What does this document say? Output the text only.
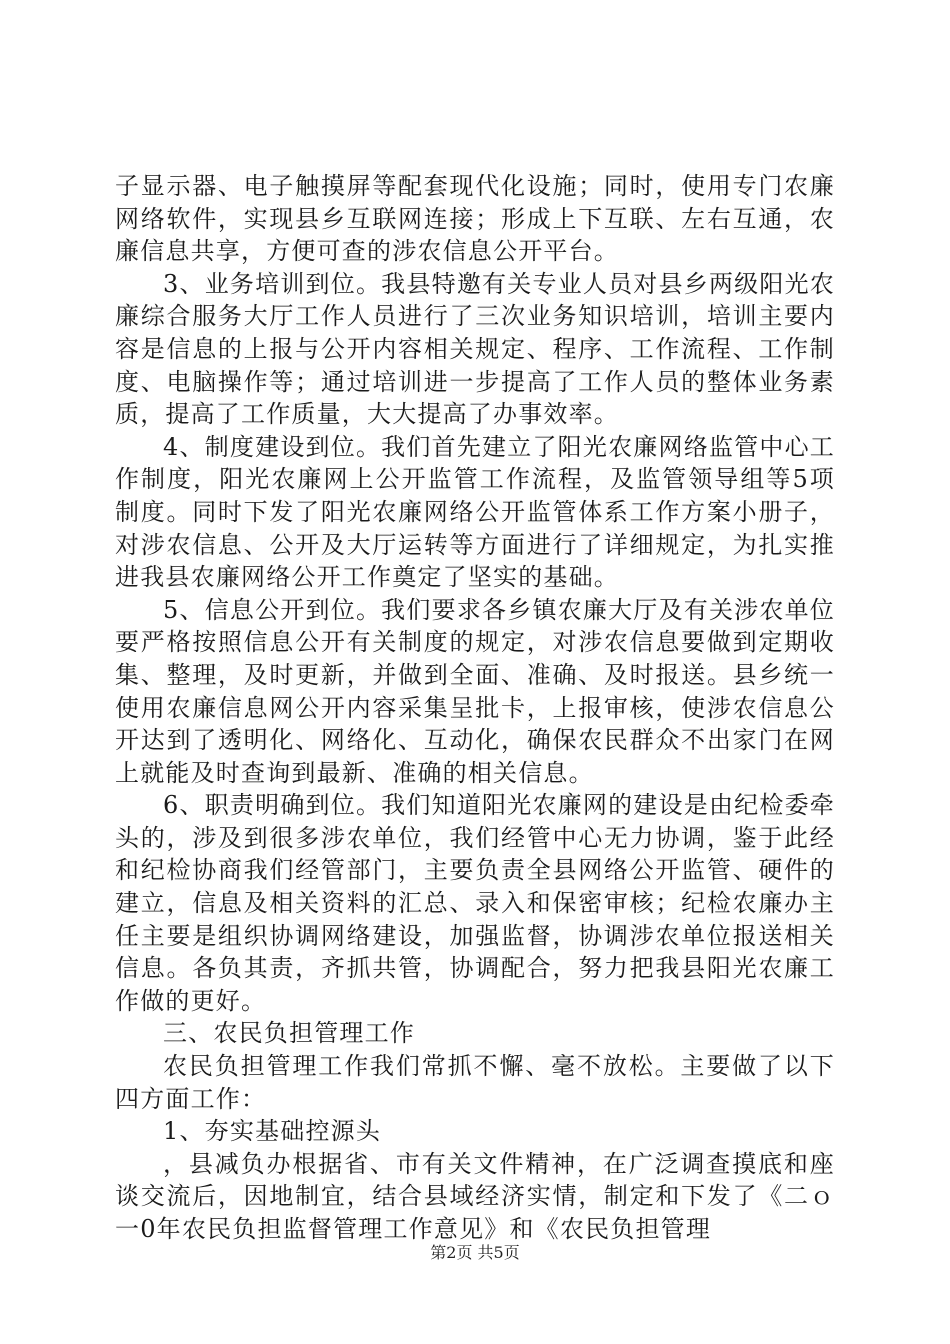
子显示器、电子触摸屏等配套现代化设施；同时，使用专门农廉网络软件，实现县乡互联网连接；形成上下互联、左右互通，农廉信息共享，方便可查的涉农信息公开平台。

3、业务培训到位。我县特邀有关专业人员对县乡两级阳光农廉综合服务大厅工作人员进行了三次业务知识培训，培训主要内容是信息的上报与公开内容相关规定、程序、工作流程、工作制度、电脑操作等；通过培训进一步提高了工作人员的整体业务素质，提高了工作质量，大大提高了办事效率。

4、制度建设到位。我们首先建立了阳光农廉网络监管中心工作制度，阳光农廉网上公开监管工作流程，及监管领导组等5项制度。同时下发了阳光农廉网络公开监管体系工作方案小册子，对涉农信息、公开及大厅运转等方面进行了详细规定，为扎实推进我县农廉网络公开工作奠定了坚实的基础。

5、信息公开到位。我们要求各乡镇农廉大厅及有关涉农单位要严格按照信息公开有关制度的规定，对涉农信息要做到定期收集、整理，及时更新，并做到全面、准确、及时报送。县乡统一使用农廉信息网公开内容采集呈批卡，上报审核，使涉农信息公开达到了透明化、网络化、互动化，确保农民群众不出家门在网上就能及时查询到最新、准确的相关信息。

6、职责明确到位。我们知道阳光农廉网的建设是由纪检委牵头的，涉及到很多涉农单位，我们经管中心无力协调，鉴于此经和纪检协商我们经管部门，主要负责全县网络公开监管、硬件的建立，信息及相关资料的汇总、录入和保密审核；纪检农廉办主任主要是组织协调网络建设，加强监督，协调涉农单位报送相关信息。各负其责，齐抓共管，协调配合，努力把我县阳光农廉工作做的更好。

三、农民负担管理工作

农民负担管理工作我们常抓不懈、毫不放松。主要做了以下四方面工作：

1、夯实基础控源头

，县减负办根据省、市有关文件精神，在广泛调查摸底和座谈交流后，因地制宜，结合县域经济实情，制定和下发了《二ｏ一0年农民负担监督管理工作意见》和《农民负担管理

第2页 共5页
